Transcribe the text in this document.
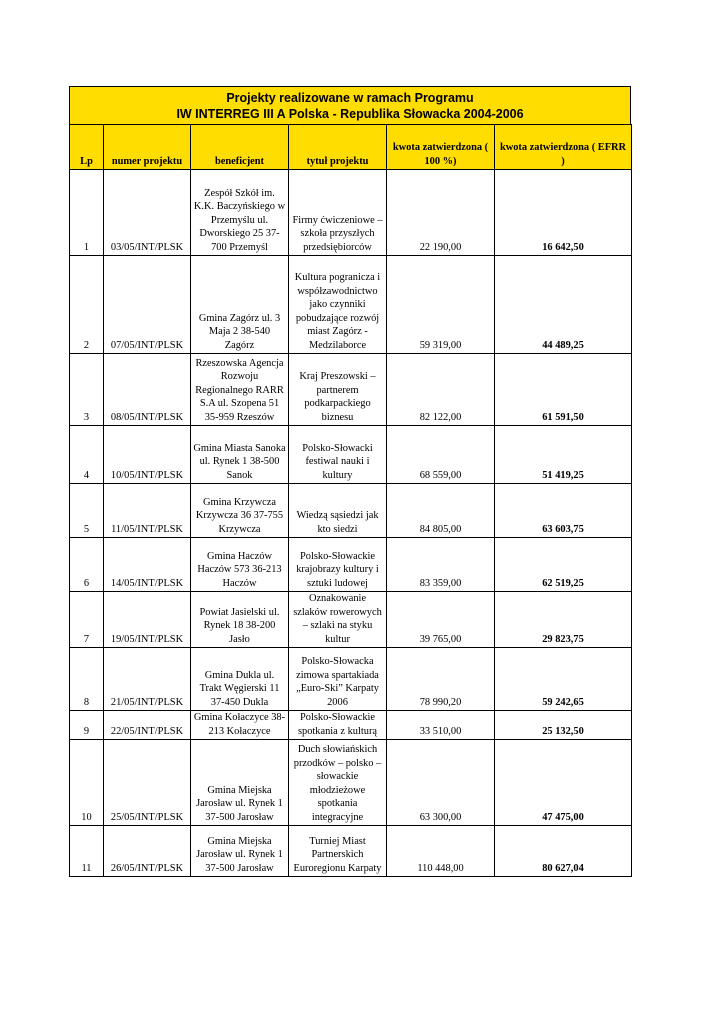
Projekty realizowane w ramach Programu
IW INTERREG III A Polska - Republika Słowacka 2004-2006
Lp	numer projektu	beneficjent	tytuł projektu	kwota zatwierdzona ( 100 %)	kwota zatwierdzona ( EFRR )
1	03/05/INT/PLSK	Zespół Szkół im. K.K. Baczyńskiego w Przemyślu ul. Dworskiego 25 37-700 Przemyśl	Firmy ćwiczeniowe – szkoła przyszłych przedsiębiorców	22 190,00	16 642,50
2	07/05/INT/PLSK	Gmina Zagórz ul. 3 Maja 2 38-540 Zagórz	Kultura pogranicza i współzawodnictwo jako czynniki pobudzające rozwój miast Zagórz - Medzilaborce	59 319,00	44 489,25
3	08/05/INT/PLSK	Rzeszowska Agencja Rozwoju Regionalnego RARR S.A ul. Szopena 51 35-959 Rzeszów	Kraj Preszowski – partnerem podkarpackiego biznesu	82 122,00	61 591,50
4	10/05/INT/PLSK	Gmina Miasta Sanoka ul. Rynek 1 38-500 Sanok	Polsko-Słowacki festiwal nauki i kultury	68 559,00	51 419,25
5	11/05/INT/PLSK	Gmina Krzywcza Krzywcza 36 37-755 Krzywcza	Wiedzą sąsiedzi jak kto siedzi	84 805,00	63 603,75
6	14/05/INT/PLSK	Gmina Haczów Haczów 573 36-213 Haczów	Polsko-Słowackie krajobrazy kultury i sztuki ludowej	83 359,00	62 519,25
7	19/05/INT/PLSK	Powiat Jasielski ul. Rynek 18 38-200 Jasło	Oznakowanie szlaków rowerowych – szlaki na styku kultur	39 765,00	29 823,75
8	21/05/INT/PLSK	Gmina Dukla ul. Trakt Węgierski 11 37-450 Dukla	Polsko-Słowacka zimowa spartakiada „Euro-Ski” Karpaty 2006	78 990,20	59 242,65
9	22/05/INT/PLSK	Gmina Kołaczyce 38-213 Kołaczyce	Polsko-Słowackie spotkania z kulturą	33 510,00	25 132,50
10	25/05/INT/PLSK	Gmina Miejska Jarosław ul. Rynek 1 37-500 Jarosław	Duch słowiańskich przodków – polsko – słowackie młodzieżowe spotkania integracyjne	63 300,00	47 475,00
11	26/05/INT/PLSK	Gmina Miejska Jarosław ul. Rynek 1 37-500 Jarosław	Turniej Miast Partnerskich Euroregionu Karpaty	110 448,00	80 627,04
